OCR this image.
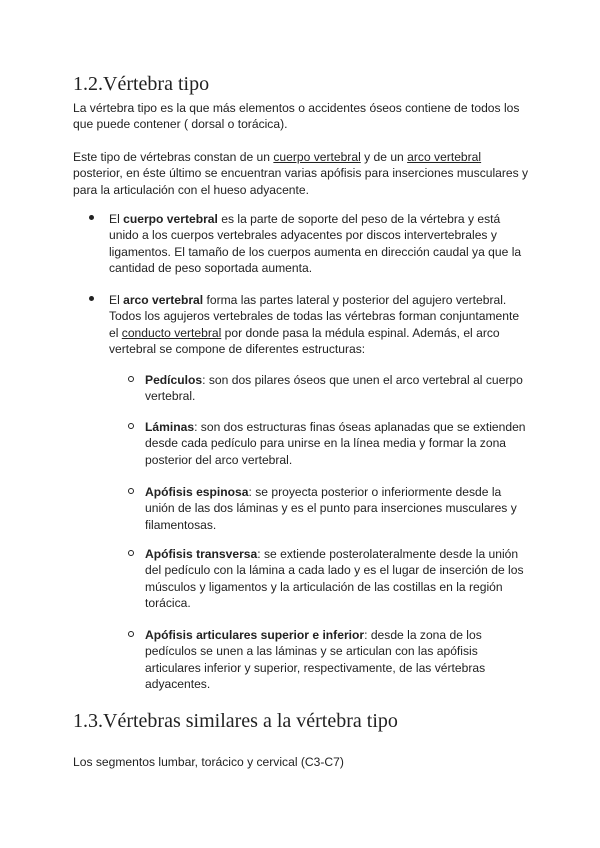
1.2.Vértebra tipo

La vértebra tipo es la que más elementos o accidentes óseos contiene de todos los que puede contener ( dorsal o torácica).

Este tipo de vértebras constan de un cuerpo vertebral y de un arco vertebral posterior, en éste último se encuentran varias apófisis para inserciones musculares y para la articulación con el hueso adyacente.

El cuerpo vertebral es la parte de soporte del peso de la vértebra y está unido a los cuerpos vertebrales adyacentes por discos intervertebrales y ligamentos. El tamaño de los cuerpos aumenta en dirección caudal ya que la cantidad de peso soportada aumenta.

El arco vertebral forma las partes lateral y posterior del agujero vertebral. Todos los agujeros vertebrales de todas las vértebras forman conjuntamente el conducto vertebral por donde pasa la médula espinal. Además, el arco vertebral se compone de diferentes estructuras:

Pedículos: son dos pilares óseos que unen el arco vertebral al cuerpo vertebral.

Láminas: son dos estructuras finas óseas aplanadas que se extienden desde cada pedículo para unirse en la línea media y formar la zona posterior del arco vertebral.

Apófisis espinosa: se proyecta posterior o inferiormente desde la unión de las dos láminas y es el punto para inserciones musculares y filamentosas.

Apófisis transversa: se extiende posterolateralmente desde la unión del pedículo con la lámina a cada lado y es el lugar de inserción de los músculos y ligamentos y la articulación de las costillas en la región torácica.

Apófisis articulares superior e inferior: desde la zona de los pedículos se unen a las láminas y se articulan con las apófisis articulares inferior y superior, respectivamente, de las vértebras adyacentes.

1.3.Vértebras similares a la vértebra tipo

Los segmentos lumbar, torácico y cervical (C3-C7)
